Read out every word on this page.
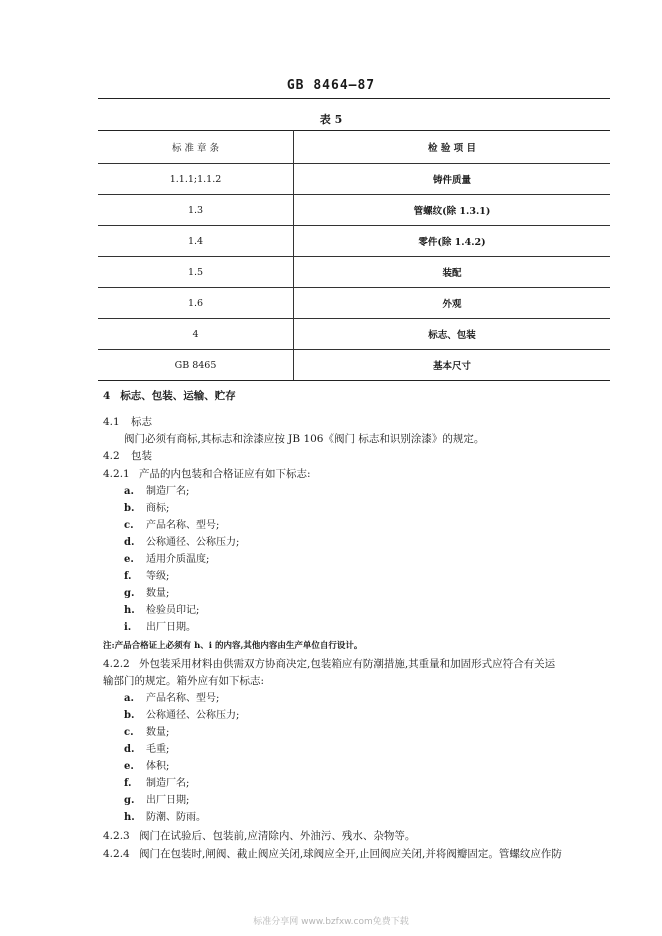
GB 8464—87
表 5
标 准 章 条	检 验 项 目
1.1.1;1.1.2	铸件质量
1.3	管螺纹(除 1.3.1)
1.4	零件(除 1.4.2)
1.5	装配
1.6	外观
4	标志、包装
GB 8465	基本尺寸
4 标志、包装、运输、贮存
4.1 标志
阀门必须有商标,其标志和涂漆应按 JB 106《阀门 标志和识别涂漆》的规定。
4.2 包装
4.2.1 产品的内包装和合格证应有如下标志:
a. 制造厂名;
b. 商标;
c. 产品名称、型号;
d. 公称通径、公称压力;
e. 适用介质温度;
f. 等级;
g. 数量;
h. 检验员印记;
i. 出厂日期。
注:产品合格证上必须有 h、i 的内容,其他内容由生产单位自行设计。
4.2.2 外包装采用材料由供需双方协商决定,包装箱应有防潮措施,其重量和加固形式应符合有关运
输部门的规定。箱外应有如下标志:
a. 产品名称、型号;
b. 公称通径、公称压力;
c. 数量;
d. 毛重;
e. 体积;
f. 制造厂名;
g. 出厂日期;
h. 防潮、防雨。
4.2.3 阀门在试验后、包装前,应清除内、外油污、残水、杂物等。
4.2.4 阀门在包装时,闸阀、截止阀应关闭,球阀应全开,止回阀应关闭,并将阀瓣固定。管螺纹应作防
标准分享网 www.bzfxw.com免费下载
